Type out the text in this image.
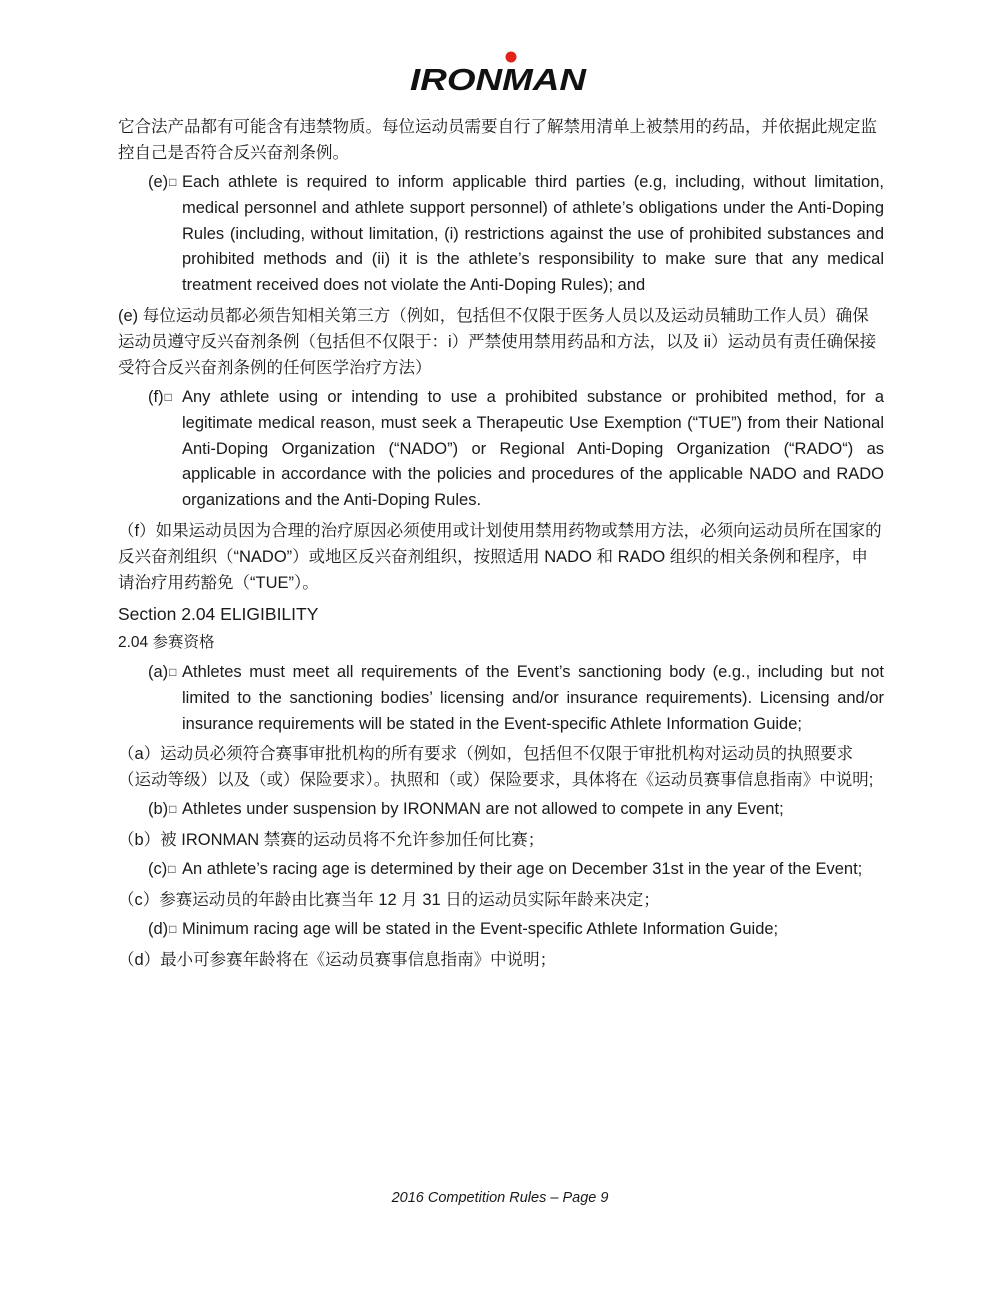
IRONMAN
它合法产品都有可能含有违禁物质。每位运动员需要自行了解禁用清单上被禁用的药品，并依据此规定监控自己是否符合反兴奋剂条例。
(e)□ Each athlete is required to inform applicable third parties (e.g, including, without limitation, medical personnel and athlete support personnel) of athlete’s obligations under the Anti-Doping Rules (including, without limitation, (i) restrictions against the use of prohibited substances and prohibited methods and (ii) it is the athlete’s responsibility to make sure that any medical treatment received does not violate the Anti-Doping Rules); and
(e) 每位运动员都必须告知相关第三方（例如，包括但不仅限于医务人员以及运动员辅助工作人员）确保运动员遵守反兴奋剂条例（包括但不仅限于：i）严禁使用禁用药品和方法，以及 ii）运动员有责任确保接受符合反兴奋剂条例的任何医学治疗方法）
(f)□ Any athlete using or intending to use a prohibited substance or prohibited method, for a legitimate medical reason, must seek a Therapeutic Use Exemption (“TUE”) from their National Anti-Doping Organization (“NADO”) or Regional Anti-Doping Organization (“RADO“) as applicable in accordance with the policies and procedures of the applicable NADO and RADO organizations and the Anti-Doping Rules.
（f）如果运动员因为合理的治疗原因必须使用或计划使用禁用药物或禁用方法，必须向运动员所在国家的反兴奋剂组织（“NADO”）或地区反兴奋剂组织，按照适用 NADO 和 RADO 组织的相关条例和程序，申请治疗用药豁免（“TUE”）。
Section 2.04 ELIGIBILITY
2.04 参赛资格
(a)□ Athletes must meet all requirements of the Event’s sanctioning body (e.g., including but not limited to the sanctioning bodies’ licensing and/or insurance requirements). Licensing and/or insurance requirements will be stated in the Event-specific Athlete Information Guide;
（a）运动员必须符合赛事审批机构的所有要求（例如，包括但不仅限于审批机构对运动员的执照要求（运动等级）以及（或）保险要求）。执照和（或）保险要求，具体将在《运动员赛事信息指南》中说明;
(b)□ Athletes under suspension by IRONMAN are not allowed to compete in any Event;
（b）被 IRONMAN 禁赛的运动员将不允许参加任何比赛；
(c)□ An athlete’s racing age is determined by their age on December 31st in the year of the Event;
（c）参赛运动员的年龄由比赛当年 12 月 31 日的运动员实际年龄来决定；
(d)□ Minimum racing age will be stated in the Event-specific Athlete Information Guide;
（d）最小可参赛年龄将在《运动员赛事信息指南》中说明；
2016 Competition Rules – Page 9
